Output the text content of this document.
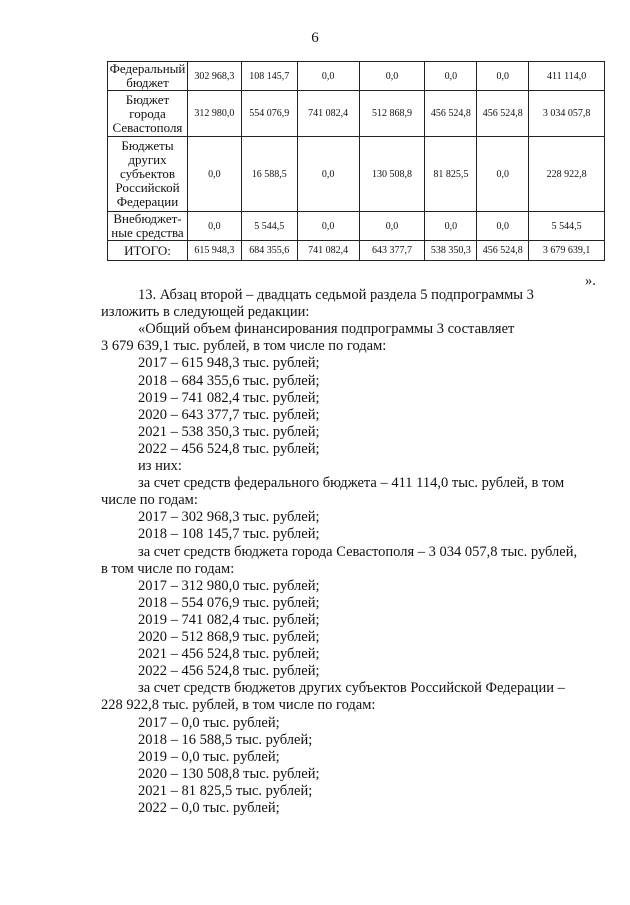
6
Федеральный
бюджет	302 968,3	108 145,7	0,0	0,0	0,0	0,0	411 114,0
Бюджет
города
Севастополя	312 980,0	554 076,9	741 082,4	512 868,9	456 524,8	456 524,8	3 034 057,8
Бюджеты
других
субъектов
Российской
Федерации	0,0	16 588,5	0,0	130 508,8	81 825,5	0,0	228 922,8
Внебюджет-
ные средства	0,0	5 544,5	0,0	0,0	0,0	0,0	5 544,5
ИТОГО:	615 948,3	684 355,6	741 082,4	643 377,7	538 350,3	456 524,8	3 679 639,1
».
13. Абзац второй – двадцать седьмой раздела 5 подпрограммы 3
изложить в следующей редакции:
«Общий объем финансирования подпрограммы 3 составляет
3 679 639,1 тыс. рублей, в том числе по годам:
2017 – 615 948,3 тыс. рублей;
2018 – 684 355,6 тыс. рублей;
2019 – 741 082,4 тыс. рублей;
2020 – 643 377,7 тыс. рублей;
2021 – 538 350,3 тыс. рублей;
2022 – 456 524,8 тыс. рублей;
из них:
за счет средств федерального бюджета – 411 114,0 тыс. рублей, в том
числе по годам:
2017 – 302 968,3 тыс. рублей;
2018 – 108 145,7 тыс. рублей;
за счет средств бюджета города Севастополя – 3 034 057,8 тыс. рублей,
в том числе по годам:
2017 – 312 980,0 тыс. рублей;
2018 – 554 076,9 тыс. рублей;
2019 – 741 082,4 тыс. рублей;
2020 – 512 868,9 тыс. рублей;
2021 – 456 524,8 тыс. рублей;
2022 – 456 524,8 тыс. рублей;
за счет средств бюджетов других субъектов Российской Федерации –
228 922,8 тыс. рублей, в том числе по годам:
2017 – 0,0 тыс. рублей;
2018 – 16 588,5 тыс. рублей;
2019 – 0,0 тыс. рублей;
2020 – 130 508,8 тыс. рублей;
2021 – 81 825,5 тыс. рублей;
2022 – 0,0 тыс. рублей;
